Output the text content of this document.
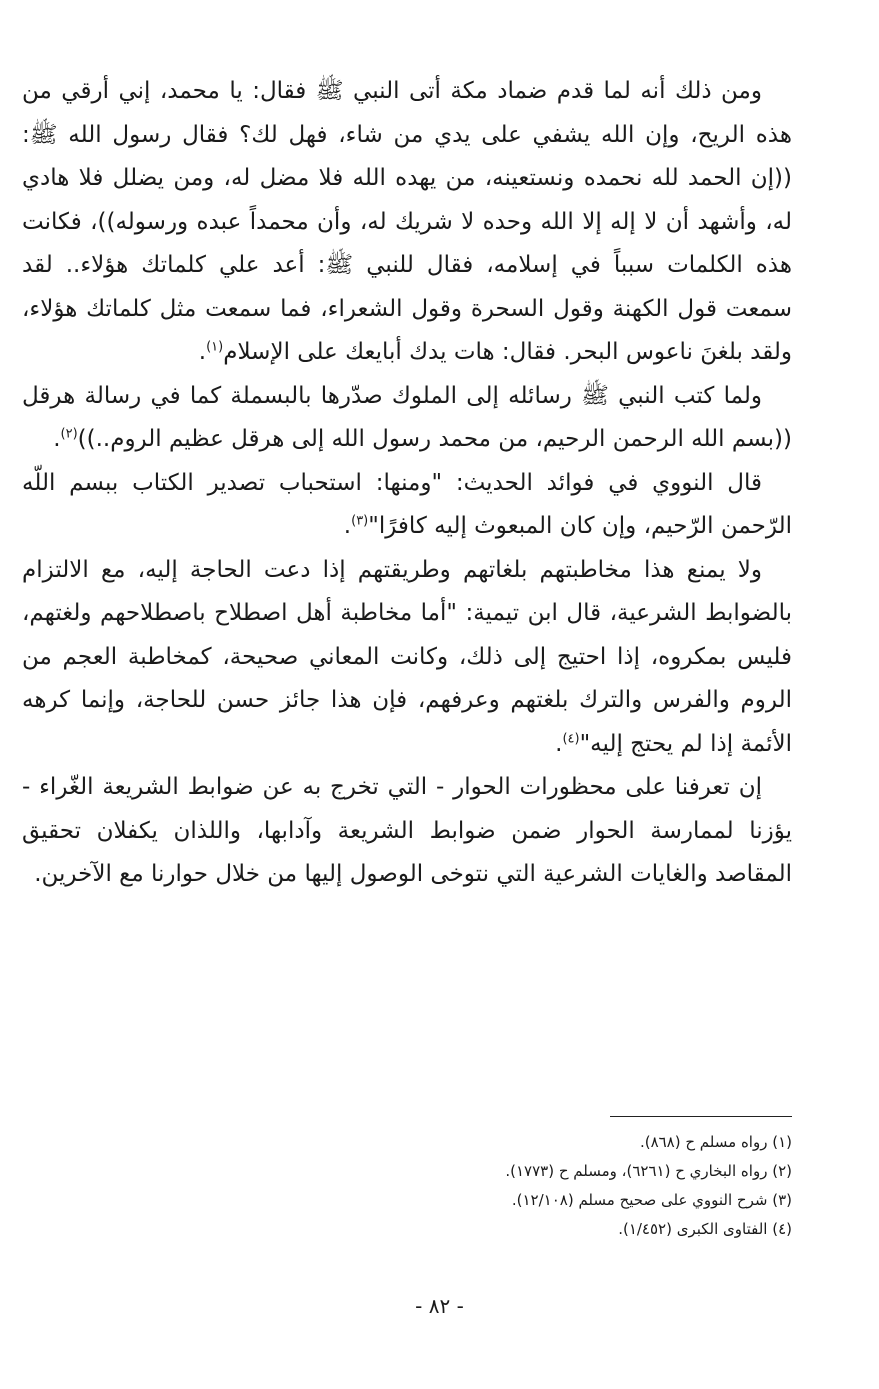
ومن ذلك أنه لما قدم ضماد مكة أتى النبي ﷺ فقال: يا محمد، إني أرقي من هذه الريح، وإن الله يشفي على يدي من شاء، فهل لك؟ فقال رسول الله ﷺ: ((إن الحمد لله نحمده ونستعينه، من يهده الله فلا مضل له، ومن يضلل فلا هادي له، وأشهد أن لا إله إلا الله وحده لا شريك له، وأن محمداً عبده ورسوله))، فكانت هذه الكلمات سبباً في إسلامه، فقال للنبي ﷺ: أعد علي كلماتك هؤلاء.. لقد سمعت قول الكهنة وقول السحرة وقول الشعراء، فما سمعت مثل كلماتك هؤلاء، ولقد بلغنَ ناعوس البحر. فقال: هات يدك أبايعك على الإسلام$^{(١)}$.

ولما كتب النبي ﷺ رسائله إلى الملوك صدّرها بالبسملة كما في رسالة هرقل ((بسم الله الرحمن الرحيم، من محمد رسول الله إلى هرقل عظيم الروم..))$^{(٢)}$.

قال النووي في فوائد الحديث: "ومنها: استحباب تصدير الكتاب ببسم اللّه الرّحمن الرّحيم، وإن كان المبعوث إليه كافرًا"$^{(٣)}$.

ولا يمنع هذا مخاطبتهم بلغاتهم وطريقتهم إذا دعت الحاجة إليه، مع الالتزام بالضوابط الشرعية، قال ابن تيمية: "أما مخاطبة أهل اصطلاح باصطلاحهم ولغتهم، فليس بمكروه، إذا احتيج إلى ذلك، وكانت المعاني صحيحة، كمخاطبة العجم من الروم والفرس والترك بلغتهم وعرفهم، فإن هذا جائز حسن للحاجة، وإنما كرهه الأئمة إذا لم يحتج إليه"$^{(٤)}$.

إن تعرفنا على محظورات الحوار - التي تخرج به عن ضوابط الشريعة الغّراء - يؤزنا لممارسة الحوار ضمن ضوابط الشريعة وآدابها، واللذان يكفلان تحقيق المقاصد والغايات الشرعية التي نتوخى الوصول إليها من خلال حوارنا مع الآخرين.

(١) رواه مسلم ح (٨٦٨).
(٢) رواه البخاري ح (٦٢٦١)، ومسلم ح (١٧٧٣).
(٣) شرح النووي على صحيح مسلم (١٢/١٠٨).
(٤) الفتاوى الكبرى (١/٤٥٢).
- ٨٢ -
